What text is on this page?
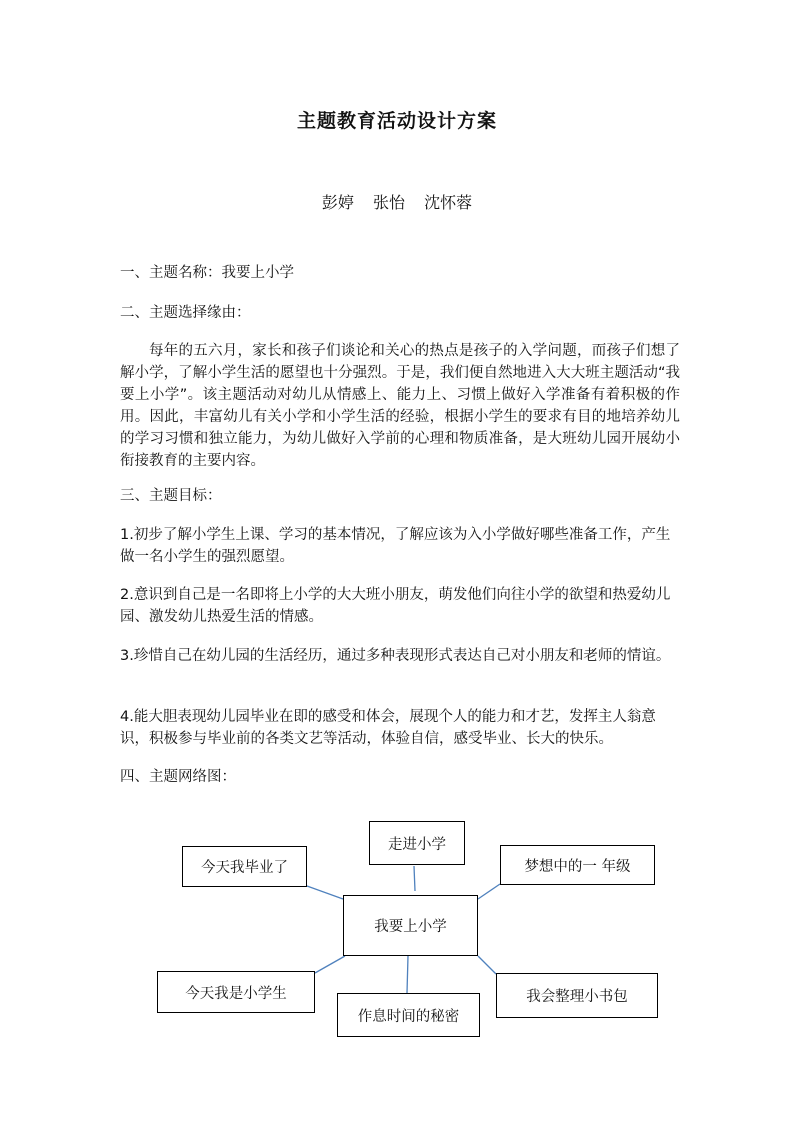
主题教育活动设计方案
彭婷 张怡 沈怀蓉
一、主题名称：我要上小学
二、主题选择缘由：
每年的五六月，家长和孩子们谈论和关心的热点是孩子的入学问题，而孩子们想了解小学，了解小学生活的愿望也十分强烈。于是，我们便自然地进入大大班主题活动“我要上小学”。该主题活动对幼儿从情感上、能力上、习惯上做好入学准备有着积极的作用。因此，丰富幼儿有关小学和小学生活的经验，根据小学生的要求有目的地培养幼儿的学习习惯和独立能力，为幼儿做好入学前的心理和物质准备，是大班幼儿园开展幼小衔接教育的主要内容。
三、主题目标：
1.初步了解小学生上课、学习的基本情况，了解应该为入小学做好哪些准备工作，产生做一名小学生的强烈愿望。
2.意识到自己是一名即将上小学的大大班小朋友，萌发他们向往小学的欲望和热爱幼儿园、激发幼儿热爱生活的情感。
3.珍惜自己在幼儿园的生活经历，通过多种表现形式表达自己对小朋友和老师的情谊。
4.能大胆表现幼儿园毕业在即的感受和体会，展现个人的能力和才艺，发挥主人翁意识，积极参与毕业前的各类文艺等活动，体验自信，感受毕业、长大的快乐。
四、主题网络图：
走进小学
今天我毕业了	梦想中的一 年级
我要上小学
今天我是小学生	我会整理小书包
作息时间的秘密
